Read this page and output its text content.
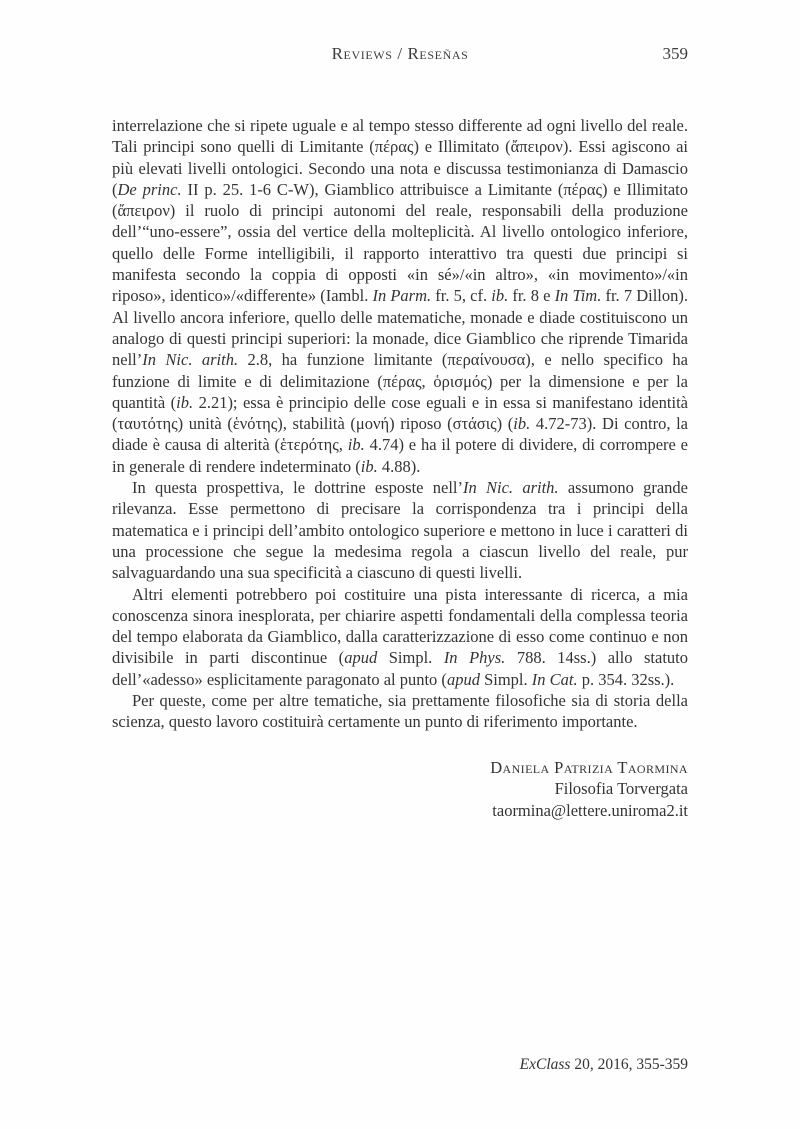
Reviews / Reseñas	359

interrelazione che si ripete uguale e al tempo stesso differente ad ogni livello del reale. Tali principi sono quelli di Limitante (πέρας) e Illimitato (ἄπειρον). Essi agiscono ai più elevati livelli ontologici. Secondo una nota e discussa testimonianza di Damascio (De princ. II p. 25. 1-6 C-W), Giamblico attribuisce a Limitante (πέρας) e Illimitato (ἄπειρον) il ruolo di principi autonomi del reale, responsabili della produzione dell’“uno-essere”, ossia del vertice della molteplicità. Al livello ontologico inferiore, quello delle Forme intelligibili, il rapporto interattivo tra questi due principi si manifesta secondo la coppia di opposti «in sé»/«in altro», «in movimento»/«in riposo», identico»/«differente» (Iambl. In Parm. fr. 5, cf. ib. fr. 8 e In Tim. fr. 7 Dillon). Al livello ancora inferiore, quello delle matematiche, monade e diade costituiscono un analogo di questi principi superiori: la monade, dice Giamblico che riprende Timarida nell’In Nic. arith. 2.8, ha funzione limitante (περαίνουσα), e nello specifico ha funzione di limite e di delimitazione (πέρας, ὁρισμός) per la dimensione e per la quantità (ib. 2.21); essa è principio delle cose eguali e in essa si manifestano identità (ταυτότης) unità (ἑνότης), stabilità (μονή) riposo (στάσις) (ib. 4.72-73). Di contro, la diade è causa di alterità (ἑτερότης, ib. 4.74) e ha il potere di dividere, di corrompere e in generale di rendere indeterminato (ib. 4.88).

In questa prospettiva, le dottrine esposte nell’In Nic. arith. assumono grande rilevanza. Esse permettono di precisare la corrispondenza tra i principi della matematica e i principi dell’ambito ontologico superiore e mettono in luce i caratteri di una processione che segue la medesima regola a ciascun livello del reale, pur salvaguardando una sua specificità a ciascuno di questi livelli.

Altri elementi potrebbero poi costituire una pista interessante di ricerca, a mia conoscenza sinora inesplorata, per chiarire aspetti fondamentali della complessa teoria del tempo elaborata da Giamblico, dalla caratterizzazione di esso come continuo e non divisibile in parti discontinue (apud Simpl. In Phys. 788. 14ss.) allo statuto dell’«adesso» esplicitamente paragonato al punto (apud Simpl. In Cat. p. 354. 32ss.).

Per queste, come per altre tematiche, sia prettamente filosofiche sia di storia della scienza, questo lavoro costituirà certamente un punto di riferimento importante.

Daniela Patrizia Taormina
Filosofia Torvergata
taormina@lettere.uniroma2.it
ExClass 20, 2016, 355-359
